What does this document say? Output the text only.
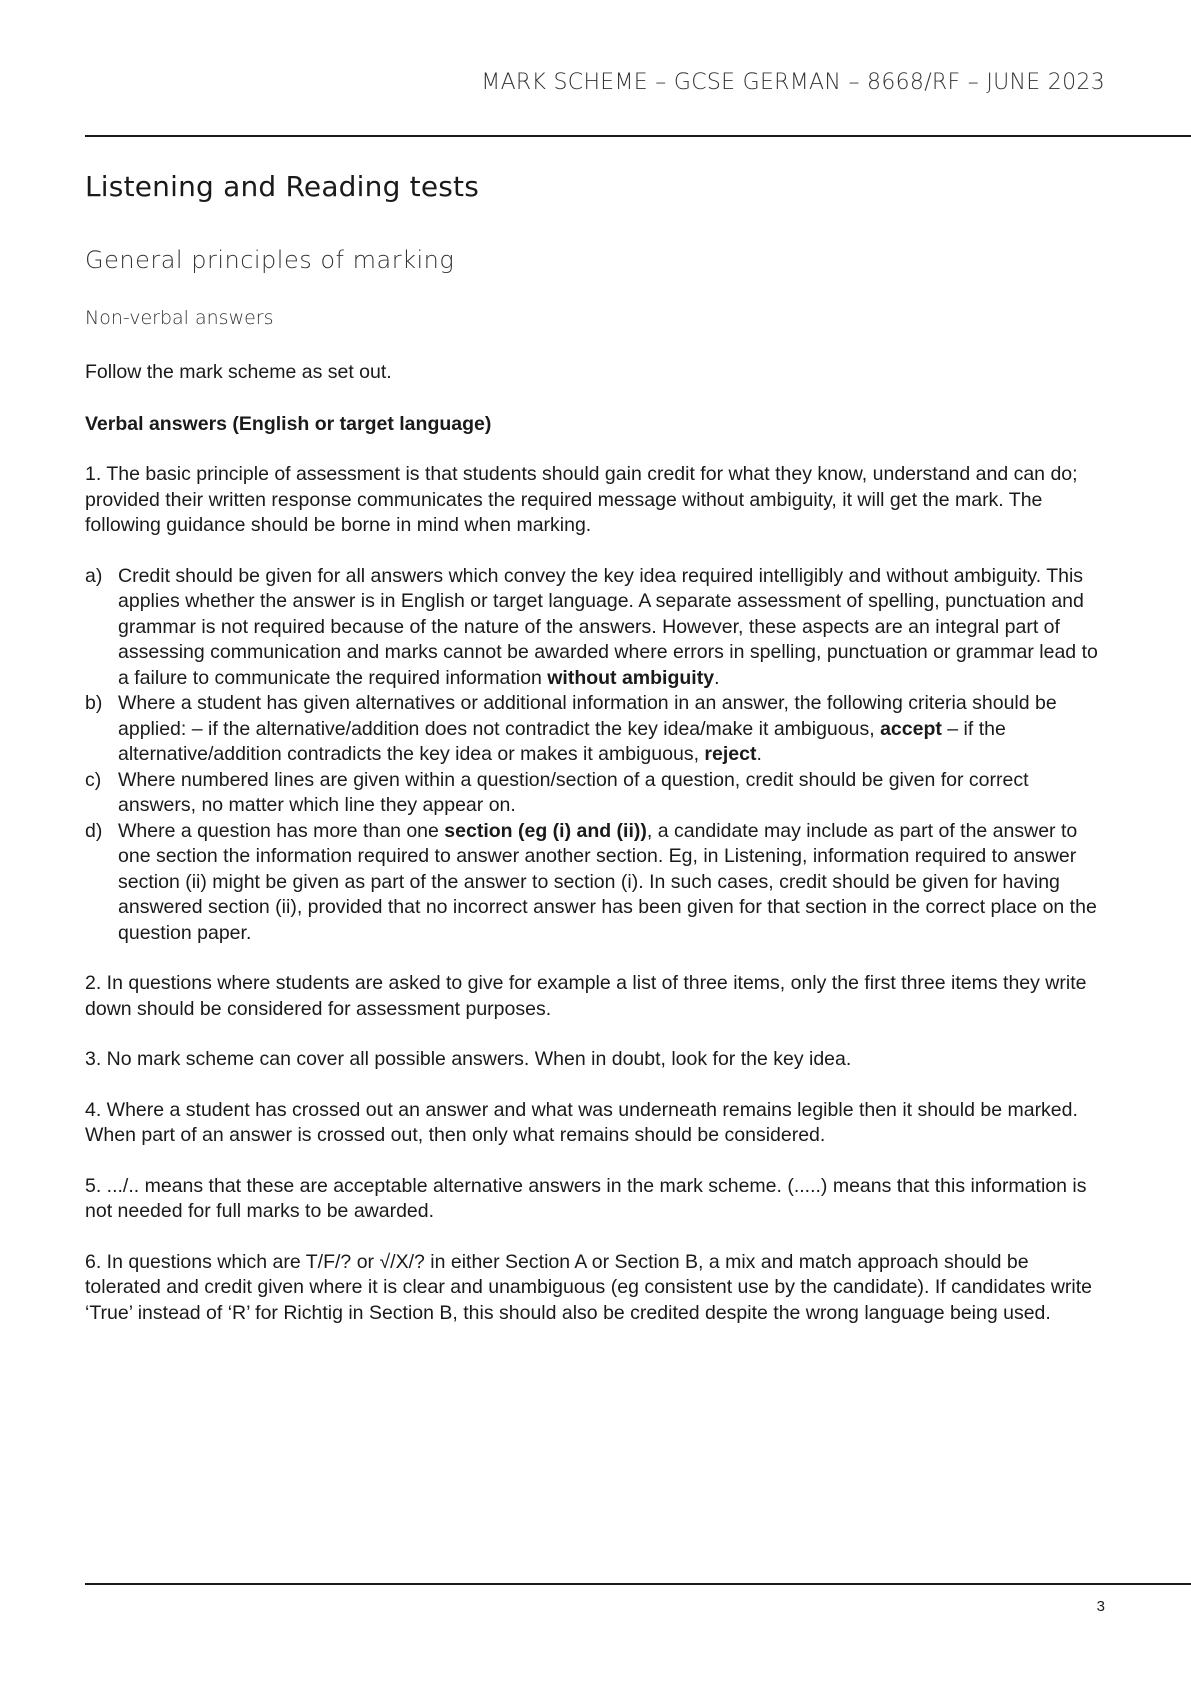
MARK SCHEME – GCSE GERMAN – 8668/RF – JUNE 2023
Listening and Reading tests
General principles of marking
Non-verbal answers

Follow the mark scheme as set out.

Verbal answers (English or target language)

1. The basic principle of assessment is that students should gain credit for what they know, understand and can do; provided their written response communicates the required message without ambiguity, it will get the mark. The following guidance should be borne in mind when marking.

a) Credit should be given for all answers which convey the key idea required intelligibly and without ambiguity. This applies whether the answer is in English or target language. A separate assessment of spelling, punctuation and grammar is not required because of the nature of the answers. However, these aspects are an integral part of assessing communication and marks cannot be awarded where errors in spelling, punctuation or grammar lead to a failure to communicate the required information without ambiguity.
b) Where a student has given alternatives or additional information in an answer, the following criteria should be applied: – if the alternative/addition does not contradict the key idea/make it ambiguous, accept – if the alternative/addition contradicts the key idea or makes it ambiguous, reject.
c) Where numbered lines are given within a question/section of a question, credit should be given for correct answers, no matter which line they appear on.
d) Where a question has more than one section (eg (i) and (ii)), a candidate may include as part of the answer to one section the information required to answer another section. Eg, in Listening, information required to answer section (ii) might be given as part of the answer to section (i). In such cases, credit should be given for having answered section (ii), provided that no incorrect answer has been given for that section in the correct place on the question paper.

2. In questions where students are asked to give for example a list of three items, only the first three items they write down should be considered for assessment purposes.

3. No mark scheme can cover all possible answers. When in doubt, look for the key idea.

4. Where a student has crossed out an answer and what was underneath remains legible then it should be marked. When part of an answer is crossed out, then only what remains should be considered.

5. .../.. means that these are acceptable alternative answers in the mark scheme. (.....) means that this information is not needed for full marks to be awarded.

6. In questions which are T/F/? or √/X/? in either Section A or Section B, a mix and match approach should be tolerated and credit given where it is clear and unambiguous (eg consistent use by the candidate). If candidates write ‘True’ instead of ‘R’ for Richtig in Section B, this should also be credited despite the wrong language being used.

3
